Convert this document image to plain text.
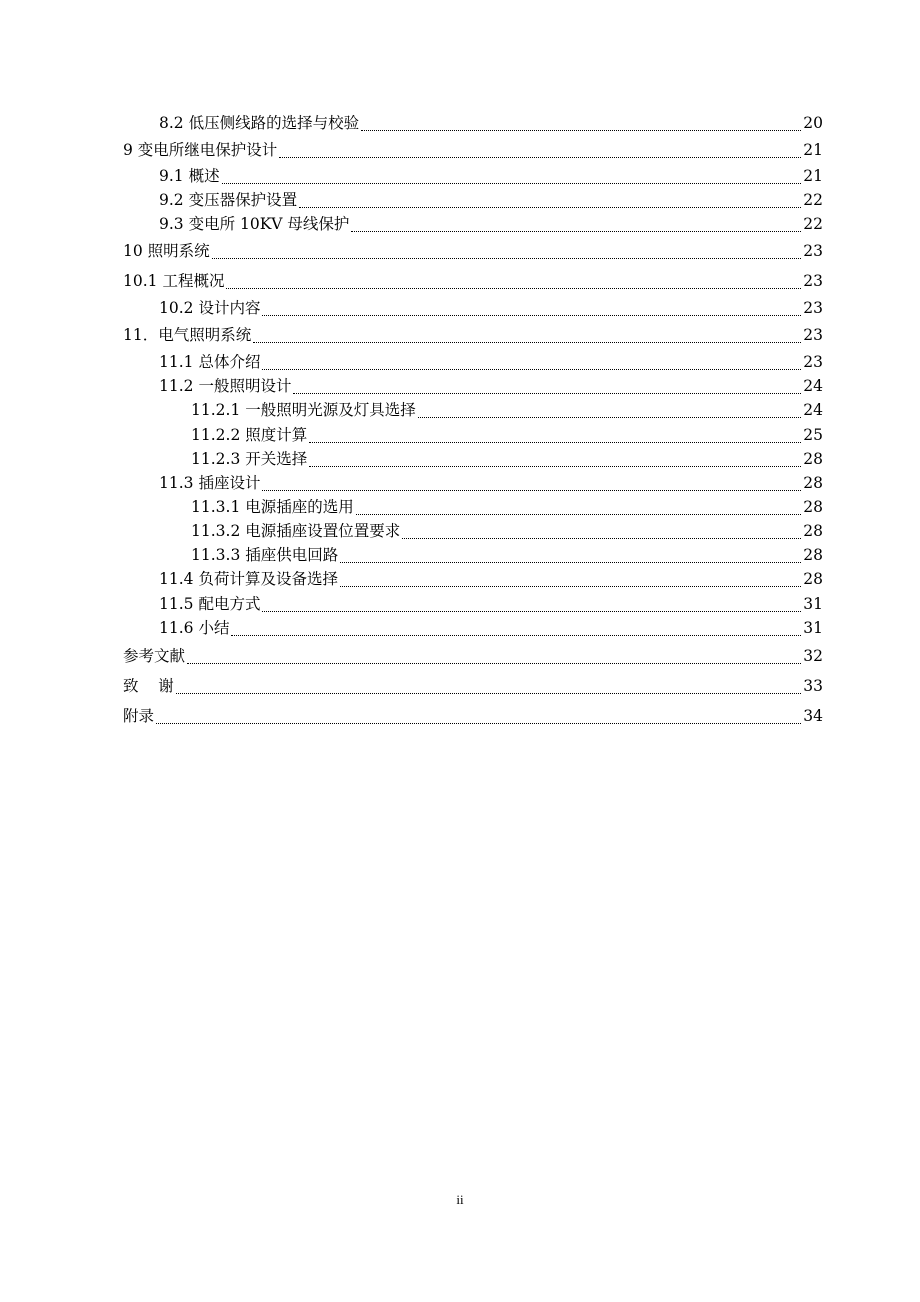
8.2 低压侧线路的选择与校验	20
9 变电所继电保护设计	21
9.1 概述	21
9.2 变压器保护设置	22
9.3 变电所 10KV 母线保护	22
10 照明系统	23
10.1 工程概况	23
10.2 设计内容	23
11．电气照明系统	23
11.1 总体介绍	23
11.2 一般照明设计	24
11.2.1 一般照明光源及灯具选择	24
11.2.2 照度计算	25
11.2.3 开关选择	28
11.3 插座设计	28
11.3.1 电源插座的选用	28
11.3.2 电源插座设置位置要求	28
11.3.3 插座供电回路	28
11.4 负荷计算及设备选择	28
11.5 配电方式	31
11.6 小结	31
参考文献	32
致    谢	33
附录	34
ii
